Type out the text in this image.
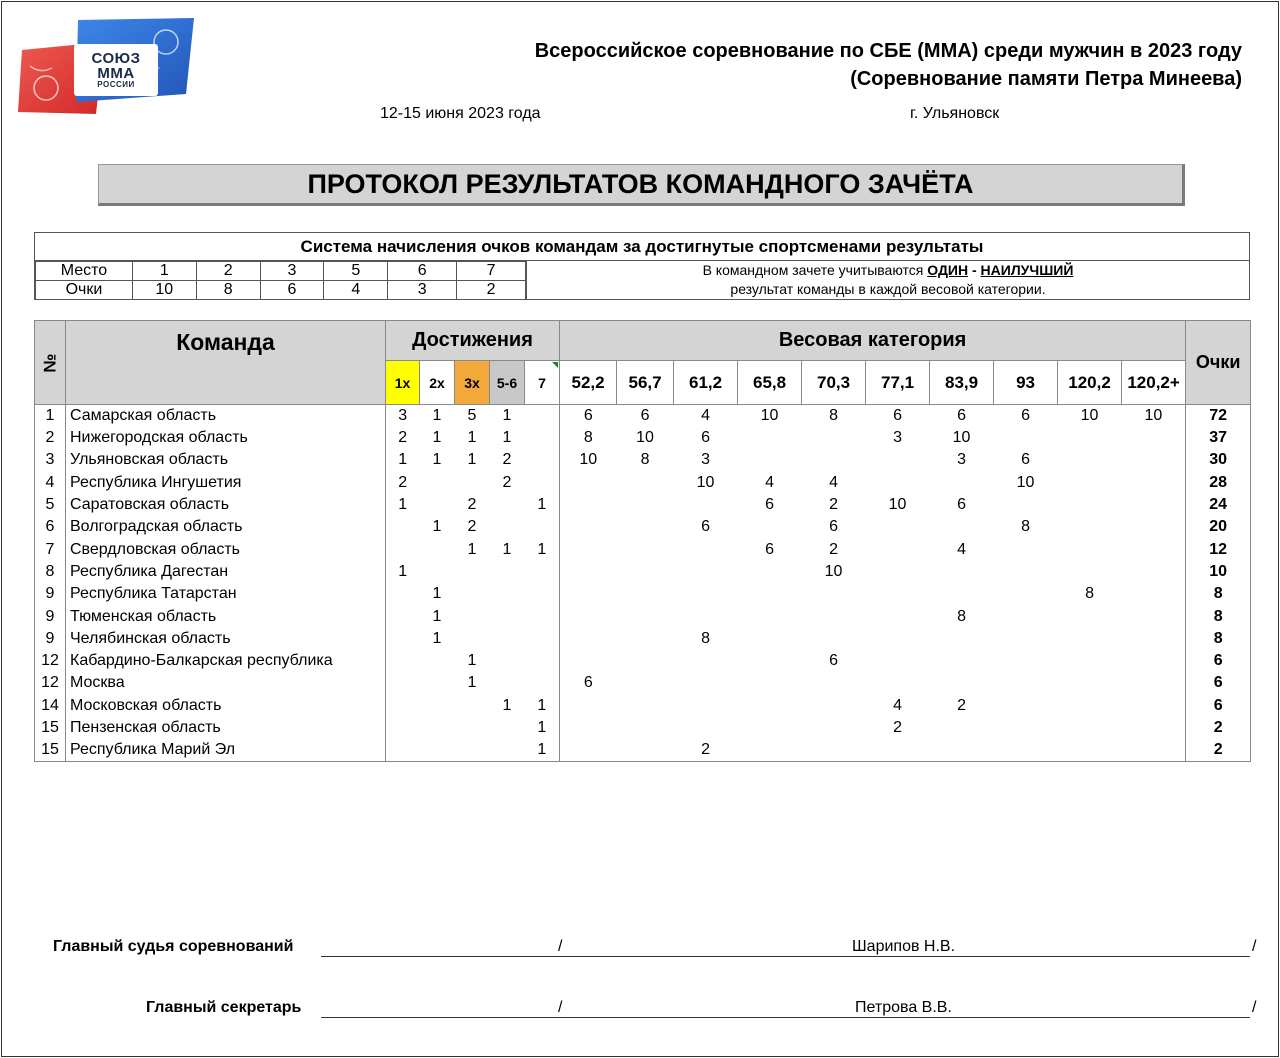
СОЮЗ
ММА
РОССИИ
Всероссийское соревнование по СБЕ (ММА) среди мужчин в 2023 году
(Соревнование памяти Петра Минеева)
12-15 июня 2023 года	г. Ульяновск
ПРОТОКОЛ РЕЗУЛЬТАТОВ КОМАНДНОГО ЗАЧЁТА
Система начисления очков командам за достигнутые спортсменами результаты
Место	1	2	3	5	6	7
Очки	10	8	6	4	3	2
В командном зачете учитываются ОДИН - НАИЛУЧШИЙ
результат команды в каждой весовой категории.
№	Команда	Достижения					Весовая категория										Очки
		1х	2х	3х	5-6	7	52,2	56,7	61,2	65,8	70,3	77,1	83,9	93	120,2	120,2+	
1	Самарская область	3	1	5	1		6	6	4	10	8	6	6	6	10	10	72
2	Нижегородская область	2	1	1	1		8	10	6			3	10				37
3	Ульяновская область	1	1	1	2		10	8	3				3	6			30
4	Республика Ингушетия	2			2				10	4	4			10			28
5	Саратовская область	1		2		1				6	2	10	6				24
6	Волгоградская область		1	2					6		6			8			20
7	Свердловская область			1	1	1				6	2		4				12
8	Республика Дагестан	1									10						10
9	Республика Татарстан		1												8		8
9	Тюменская область		1										8				8
9	Челябинская область		1						8								8
12	Кабардино-Балкарская республика			1							6						6
12	Москва			1			6										6
14	Московская область				1	1						4	2				6
15	Пензенская область					1						2					2
15	Республика Марий Эл					1			2								2
Главный судья соревнований	/	Шарипов Н.В.	/
Главный секретарь	/	Петрова В.В.	/
